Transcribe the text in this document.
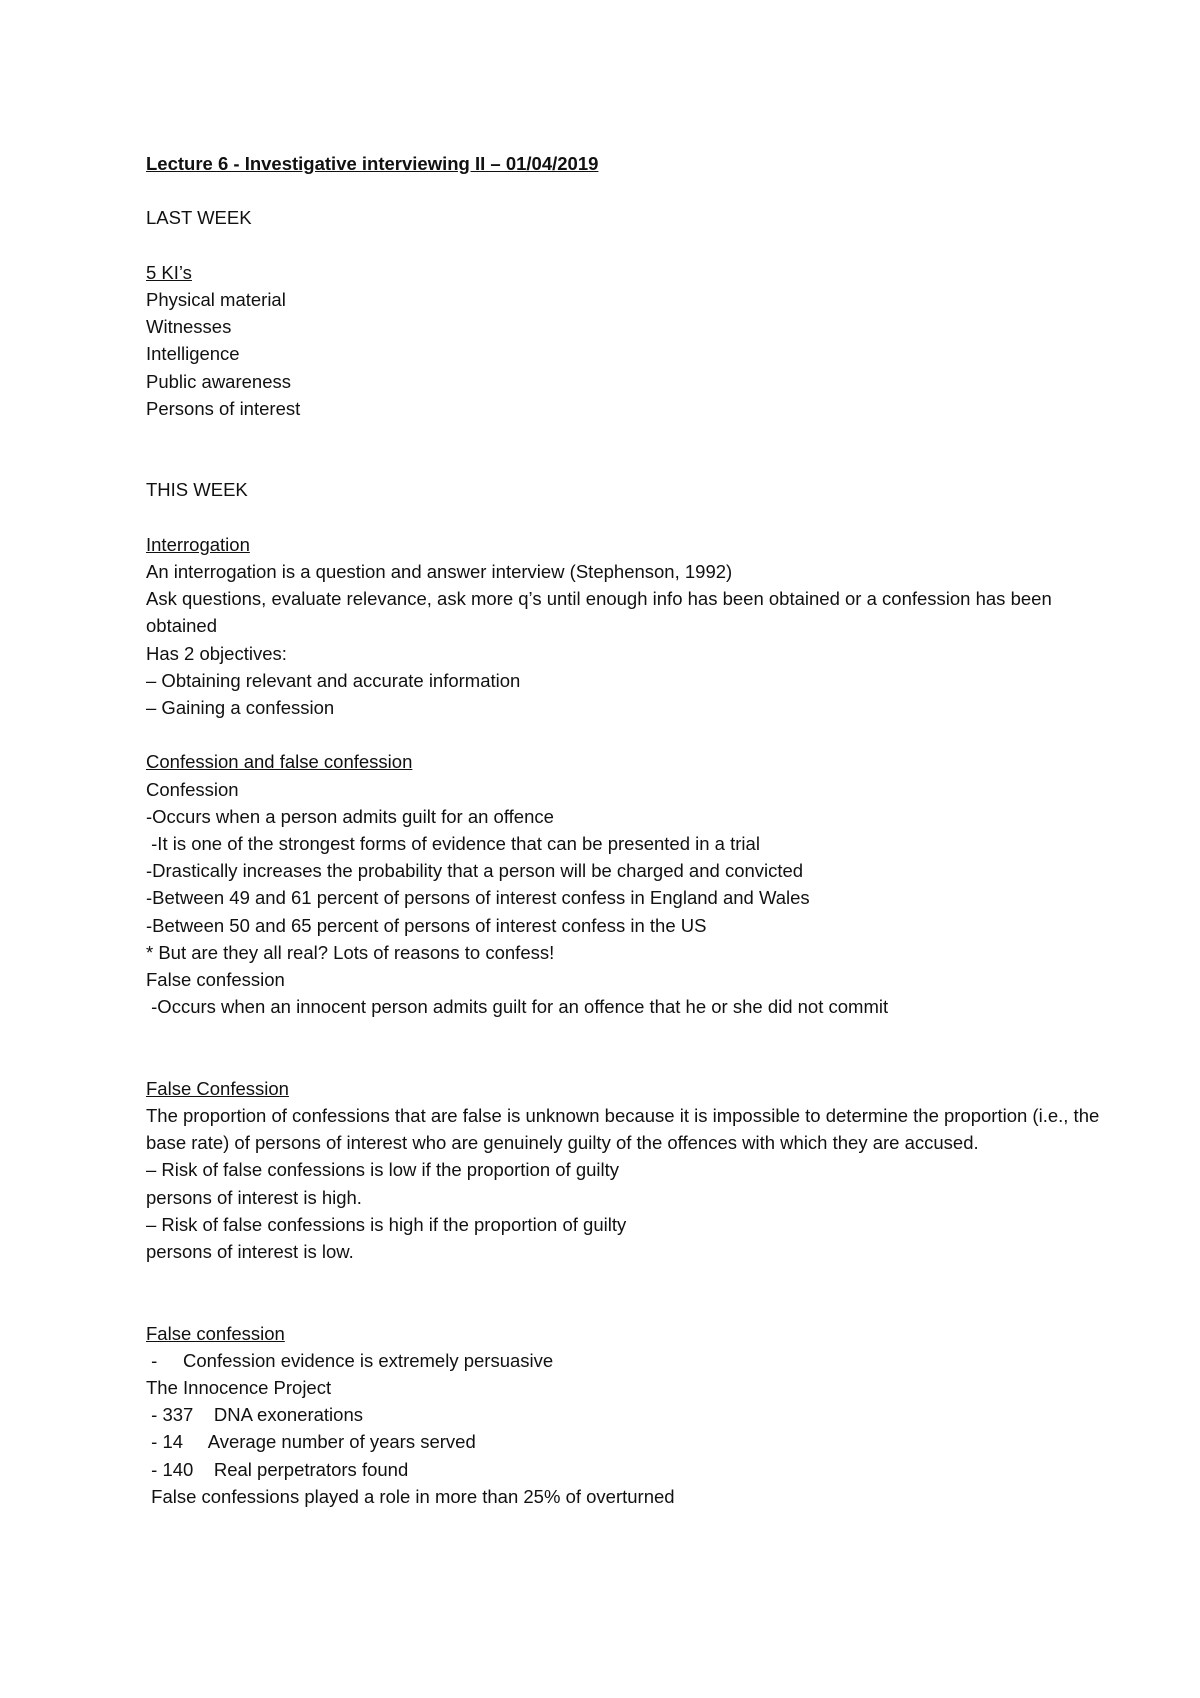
Lecture 6 - Investigative interviewing II – 01/04/2019
LAST WEEK
5 KI’s
Physical material
Witnesses
Intelligence
Public awareness
Persons of interest
THIS WEEK
Interrogation
An interrogation is a question and answer interview (Stephenson, 1992)
Ask questions, evaluate relevance, ask more q’s until enough info has been obtained or a confession has been obtained
Has 2 objectives:
– Obtaining relevant and accurate information
– Gaining a confession
Confession and false confession
Confession
-Occurs when a person admits guilt for an offence
-It is one of the strongest forms of evidence that can be presented in a trial
-Drastically increases the probability that a person will be charged and convicted
-Between 49 and 61 percent of persons of interest confess in England and Wales
-Between 50 and 65 percent of persons of interest confess in the US
* But are they all real? Lots of reasons to confess!
False confession
-Occurs when an innocent person admits guilt for an offence that he or she did not commit
False Confession
The proportion of confessions that are false is unknown because it is impossible to determine the proportion (i.e., the base rate) of persons of interest who are genuinely guilty of the offences with which they are accused.
– Risk of false confessions is low if the proportion of guilty
persons of interest is high.
– Risk of false confessions is high if the proportion of guilty
persons of interest is low.
False confession
-     Confession evidence is extremely persuasive
The Innocence Project
- 337    DNA exonerations
- 14     Average number of years served
- 140    Real perpetrators found
False confessions played a role in more than 25% of overturned
